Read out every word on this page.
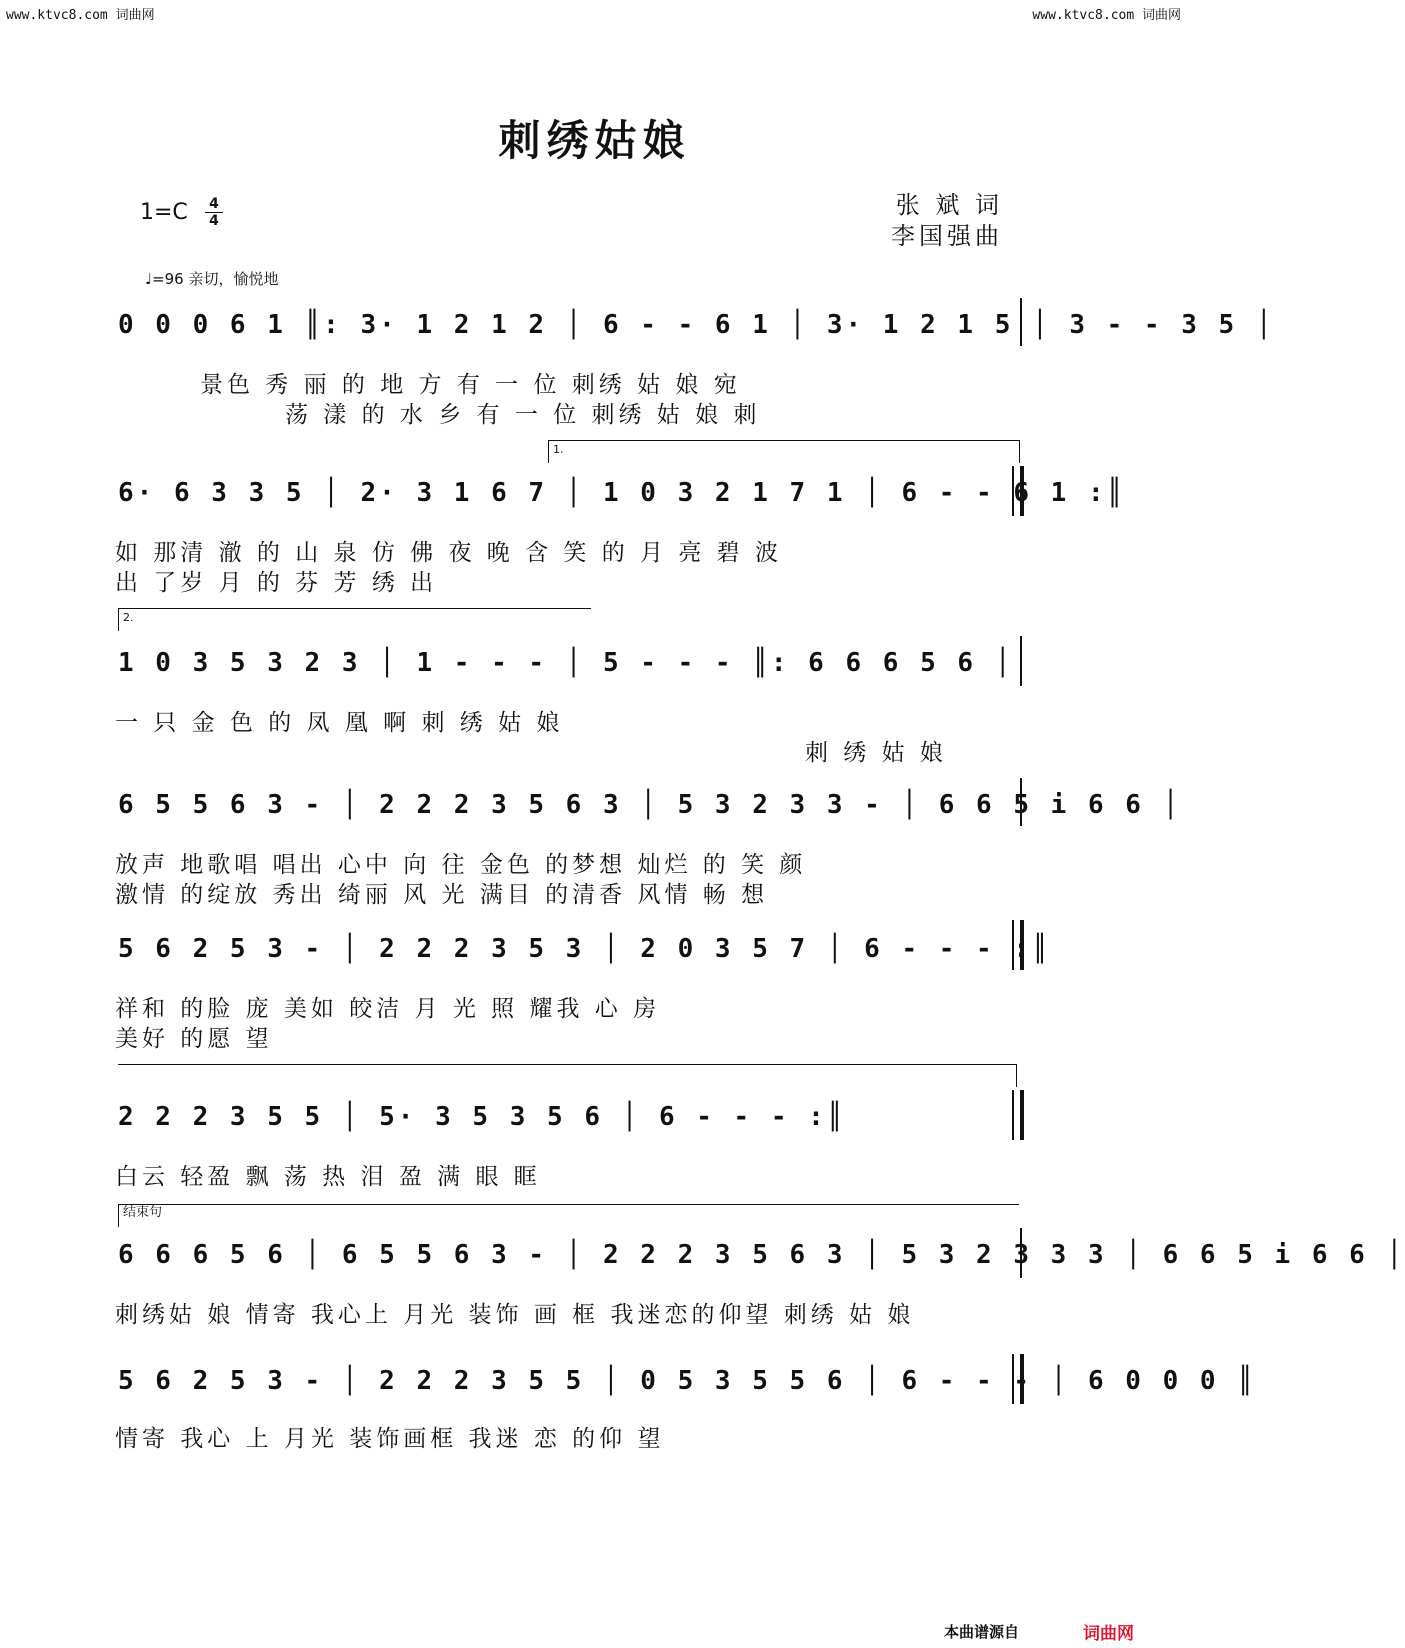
www.ktvc8.com 词曲网	www.ktvc8.com 词曲网
刺绣姑娘
1=C 4
4
张 斌 词
李国强曲
♩=96 亲切，愉悦地
0 0 0 6 1 ║: 3· 1 2 1 2 │ 6 - - 6 1 │ 3· 1 2 1 5 │ 3 - - 3 5 │
景色 秀 丽 的 地 方 有 一 位 刺绣 姑 娘 宛
荡 漾 的 水 乡 有 一 位 刺绣 姑 娘 刺
1.
6· 6 3 3 5 │ 2· 3 1 6 7 │ 1 0 3 2 1 7 1 │ 6 - - 6 1 :║
如 那清 澈 的 山 泉 仿 佛 夜 晚 含 笑 的 月 亮 碧 波
出 了岁 月 的 芬 芳 绣 出
2.
1 0 3 5 3 2 3 │ 1 - - - │ 5 - - - ║: 6 6 6 5 6 │
一 只 金 色 的 凤 凰 啊 刺 绣 姑 娘
刺 绣 姑 娘
6 5 5 6 3 - │ 2 2 2 3 5 6 3 │ 5 3 2 3 3 - │ 6 6 5 i 6 6 │
放声 地歌唱 唱出 心中 向 往 金色 的梦想 灿烂 的 笑 颜
激情 的绽放 秀出 绮丽 风 光 满目 的清香 风情 畅 想
5 6 2 5 3 - │ 2 2 2 3 5 3 │ 2 0 3 5 7 │ 6 - - - :║
祥和 的脸 庞 美如 皎洁 月 光 照 耀我 心 房
美好 的愿 望
2 2 2 3 5 5 │ 5· 3 5 3 5 6 │ 6 - - - :║
白云 轻盈 飘 荡 热 泪 盈 满 眼 眶
结束句
6 6 6 5 6 │ 6 5 5 6 3 - │ 2 2 2 3 5 6 3 │ 5 3 2 3 3 3 │ 6 6 5 i 6 6 │
刺绣姑 娘 情寄 我心上 月光 装饰 画 框 我迷恋的仰望 刺绣 姑 娘
5 6 2 5 3 - │ 2 2 2 3 5 5 │ 0 5 3 5 5 6 │ 6 - - - │ 6 0 0 0 ║
情寄 我心 上 月光 装饰画框 我迷 恋 的仰 望
本曲谱源自	词曲网
